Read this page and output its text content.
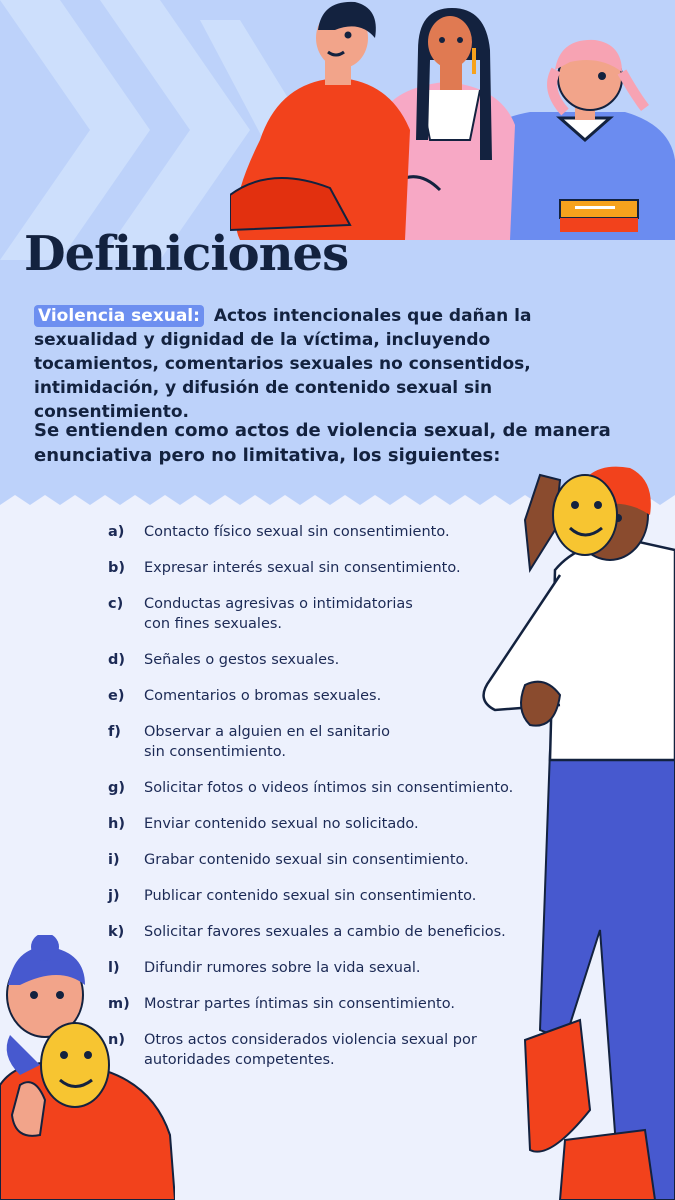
Definiciones

Violencia sexual: Actos intencionales que dañan la sexualidad y dignidad de la víctima, incluyendo tocamientos, comentarios sexuales no consentidos, intimidación, y difusión de contenido sexual sin consentimiento.

Se entienden como actos de violencia sexual, de manera enunciativa pero no limitativa, los siguientes:

a)	Contacto físico sexual sin consentimiento.
b)	Expresar interés sexual sin consentimiento.
c)	Conductas agresivas o intimidatorias
con fines sexuales.
d)	Señales o gestos sexuales.
e)	Comentarios o bromas sexuales.
f)	Observar a alguien en el sanitario
sin consentimiento.
g)	Solicitar fotos o videos íntimos sin consentimiento.
h)	Enviar contenido sexual no solicitado.
i)	Grabar contenido sexual sin consentimiento.
j)	Publicar contenido sexual sin consentimiento.
k)	Solicitar favores sexuales a cambio de beneficios.
l)	Difundir rumores sobre la vida sexual.
m) Mostrar partes íntimas sin consentimiento.
n)	Otros actos considerados violencia sexual por
autoridades competentes.
